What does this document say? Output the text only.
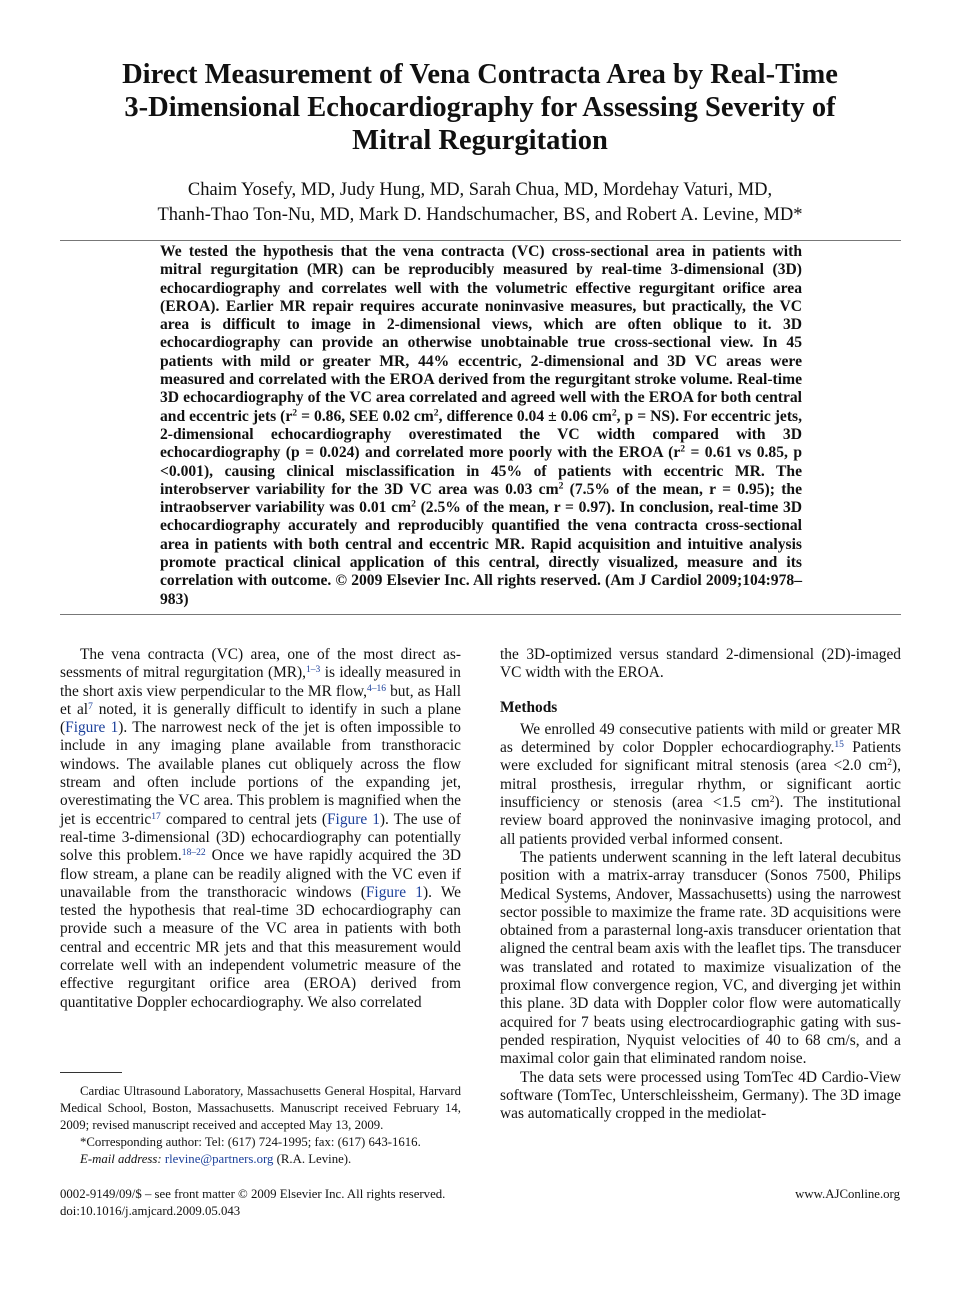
Direct Measurement of Vena Contracta Area by Real-Time
3-Dimensional Echocardiography for Assessing Severity of
Mitral Regurgitation
Chaim Yosefy, MD, Judy Hung, MD, Sarah Chua, MD, Mordehay Vaturi, MD,
Thanh-Thao Ton-Nu, MD, Mark D. Handschumacher, BS, and Robert A. Levine, MD*

We tested the hypothesis that the vena contracta (VC) cross-sectional area in patients with mitral regurgitation (MR) can be reproducibly measured by real-time 3-dimensional (3D) echocardiography and correlates well with the volumetric effective regurgitant orifice area (EROA). Earlier MR repair requires accurate noninvasive measures, but practically, the VC area is difficult to image in 2-dimensional views, which are often oblique to it. 3D echocardiography can provide an otherwise unobtainable true cross-sectional view. In 45 patients with mild or greater MR, 44% eccentric, 2-dimensional and 3D VC areas were measured and correlated with the EROA derived from the regurgitant stroke volume. Real-time 3D echocardiography of the VC area correlated and agreed well with the EROA for both central and eccentric jets ($r^2 = 0.86$, SEE 0.02 $cm^2$, difference 0.04 ± 0.06 $cm^2$, p = NS). For eccentric jets, 2-dimensional echocardiography overestimated the VC width compared with 3D echocardiography (p = 0.024) and correlated more poorly with the EROA ($r^2 = 0.61$ vs 0.85, p <0.001), causing clinical misclassification in 45% of patients with eccentric MR. The interobserver variability for the 3D VC area was 0.03 $cm^2$ (7.5% of the mean, r = 0.95); the intraobserver variability was 0.01 $cm^2$ (2.5% of the mean, r = 0.97). In conclusion, real-time 3D echocardiography accurately and reproducibly quantified the vena contracta cross-sectional area in patients with both central and eccentric MR. Rapid acquisition and intuitive analysis promote practical clinical application of this central, directly visualized, measure and its correlation with outcome. © 2009 Elsevier Inc. All rights reserved. (Am J Cardiol 2009;104:978–983)

The vena contracta (VC) area, one of the most direct assessments of mitral regurgitation (MR),$^{1-3}$ is ideally measured in the short axis view perpendicular to the MR flow,$^{4-16}$ but, as Hall et al$^7$ noted, it is generally difficult to identify in such a plane (Figure 1). The narrowest neck of the jet is often impossible to include in any imaging plane available from transthoracic windows. The available planes cut obliquely across the flow stream and often include portions of the expanding jet, overestimating the VC area. This problem is magnified when the jet is eccentric$^{17}$ compared to central jets (Figure 1). The use of real-time 3-dimensional (3D) echocardiography can potentially solve this problem.$^{18-22}$ Once we have rapidly acquired the 3D flow stream, a plane can be readily aligned with the VC even if unavailable from the transthoracic windows (Figure 1). We tested the hypothesis that real-time 3D echocardiography can provide such a measure of the VC area in patients with both central and eccentric MR jets and that this measurement would correlate well with an independent volumetric measure of the effective regurgitant orifice area (EROA) derived from quantitative Doppler echocardiography. We also correlated

the 3D-optimized versus standard 2-dimensional (2D)-imaged VC width with the EROA.

Methods

We enrolled 49 consecutive patients with mild or greater MR as determined by color Doppler echocardiography.$^{15}$ Patients were excluded for significant mitral stenosis (area <2.0 $cm^2$), mitral prosthesis, irregular rhythm, or significant aortic insufficiency or stenosis (area <1.5 $cm^2$). The institutional review board approved the noninvasive imaging protocol, and all patients provided verbal informed consent.

The patients underwent scanning in the left lateral decubitus position with a matrix-array transducer (Sonos 7500, Philips Medical Systems, Andover, Massachusetts) using the narrowest sector possible to maximize the frame rate. 3D acquisitions were obtained from a parasternal long-axis transducer orientation that aligned the central beam axis with the leaflet tips. The transducer was translated and rotated to maximize visualization of the proximal flow convergence region, VC, and diverging jet within this plane. 3D data with Doppler color flow were automatically acquired for 7 beats using electrocardiographic gating with suspended respiration, Nyquist velocities of 40 to 68 cm/s, and a maximal color gain that eliminated random noise.

The data sets were processed using TomTec 4D Cardio-View software (TomTec, Unterschleissheim, Germany). The 3D image was automatically cropped in the mediolat-

Cardiac Ultrasound Laboratory, Massachusetts General Hospital, Harvard Medical School, Boston, Massachusetts. Manuscript received February 14, 2009; revised manuscript received and accepted May 13, 2009.

*Corresponding author: Tel: (617) 724-1995; fax: (617) 643-1616.

E-mail address: rlevine@partners.org (R.A. Levine).

0002-9149/09/$ – see front matter © 2009 Elsevier Inc. All rights reserved.
doi:10.1016/j.amjcard.2009.05.043
www.AJConline.org
